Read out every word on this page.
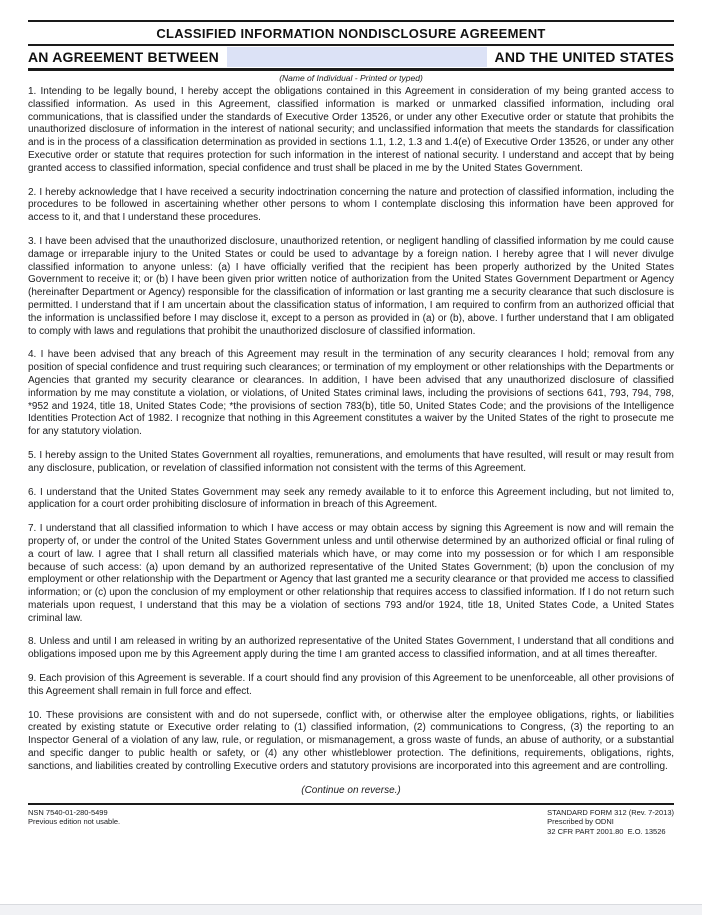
CLASSIFIED INFORMATION NONDISCLOSURE AGREEMENT
AN AGREEMENT BETWEEN	AND THE UNITED STATES
(Name of Individual - Printed or typed)

1. Intending to be legally bound, I hereby accept the obligations contained in this Agreement in consideration of my being granted access to classified information. As used in this Agreement, classified information is marked or unmarked classified information, including oral communications, that is classified under the standards of Executive Order 13526, or under any other Executive order or statute that prohibits the unauthorized disclosure of information in the interest of national security; and unclassified information that meets the standards for classification and is in the process of a classification determination as provided in sections 1.1, 1.2, 1.3 and 1.4(e) of Executive Order 13526, or under any other Executive order or statute that requires protection for such information in the interest of national security. I understand and accept that by being granted access to classified information, special confidence and trust shall be placed in me by the United States Government.

2. I hereby acknowledge that I have received a security indoctrination concerning the nature and protection of classified information, including the procedures to be followed in ascertaining whether other persons to whom I contemplate disclosing this information have been approved for access to it, and that I understand these procedures.

3. I have been advised that the unauthorized disclosure, unauthorized retention, or negligent handling of classified information by me could cause damage or irreparable injury to the United States or could be used to advantage by a foreign nation. I hereby agree that I will never divulge classified information to anyone unless: (a) I have officially verified that the recipient has been properly authorized by the United States Government to receive it; or (b) I have been given prior written notice of authorization from the United States Government Department or Agency (hereinafter Department or Agency) responsible for the classification of information or last granting me a security clearance that such disclosure is permitted. I understand that if I am uncertain about the classification status of information, I am required to confirm from an authorized official that the information is unclassified before I may disclose it, except to a person as provided in (a) or (b), above. I further understand that I am obligated to comply with laws and regulations that prohibit the unauthorized disclosure of classified information.

4. I have been advised that any breach of this Agreement may result in the termination of any security clearances I hold; removal from any position of special confidence and trust requiring such clearances; or termination of my employment or other relationships with the Departments or Agencies that granted my security clearance or clearances. In addition, I have been advised that any unauthorized disclosure of classified information by me may constitute a violation, or violations, of United States criminal laws, including the provisions of sections 641, 793, 794, 798, *952 and 1924, title 18, United States Code; *the provisions of section 783(b), title 50, United States Code; and the provisions of the Intelligence Identities Protection Act of 1982. I recognize that nothing in this Agreement constitutes a waiver by the United States of the right to prosecute me for any statutory violation.

5. I hereby assign to the United States Government all royalties, remunerations, and emoluments that have resulted, will result or may result from any disclosure, publication, or revelation of classified information not consistent with the terms of this Agreement.

6. I understand that the United States Government may seek any remedy available to it to enforce this Agreement including, but not limited to, application for a court order prohibiting disclosure of information in breach of this Agreement.

7. I understand that all classified information to which I have access or may obtain access by signing this Agreement is now and will remain the property of, or under the control of the United States Government unless and until otherwise determined by an authorized official or final ruling of a court of law. I agree that I shall return all classified materials which have, or may come into my possession or for which I am responsible because of such access: (a) upon demand by an authorized representative of the United States Government; (b) upon the conclusion of my employment or other relationship with the Department or Agency that last granted me a security clearance or that provided me access to classified information; or (c) upon the conclusion of my employment or other relationship that requires access to classified information. If I do not return such materials upon request, I understand that this may be a violation of sections 793 and/or 1924, title 18, United States Code, a United States criminal law.

8. Unless and until I am released in writing by an authorized representative of the United States Government, I understand that all conditions and obligations imposed upon me by this Agreement apply during the time I am granted access to classified information, and at all times thereafter.

9. Each provision of this Agreement is severable. If a court should find any provision of this Agreement to be unenforceable, all other provisions of this Agreement shall remain in full force and effect.

10. These provisions are consistent with and do not supersede, conflict with, or otherwise alter the employee obligations, rights, or liabilities created by existing statute or Executive order relating to (1) classified information, (2) communications to Congress, (3) the reporting to an Inspector General of a violation of any law, rule, or regulation, or mismanagement, a gross waste of funds, an abuse of authority, or a substantial and specific danger to public health or safety, or (4) any other whistleblower protection. The definitions, requirements, obligations, rights, sanctions, and liabilities created by controlling Executive orders and statutory provisions are incorporated into this agreement and are controlling.

(Continue on reverse.)
NSN 7540-01-280-5499
Previous edition not usable.
STANDARD FORM 312 (Rev. 7-2013)
Prescribed by ODNI
32 CFR PART 2001.80  E.O. 13526
